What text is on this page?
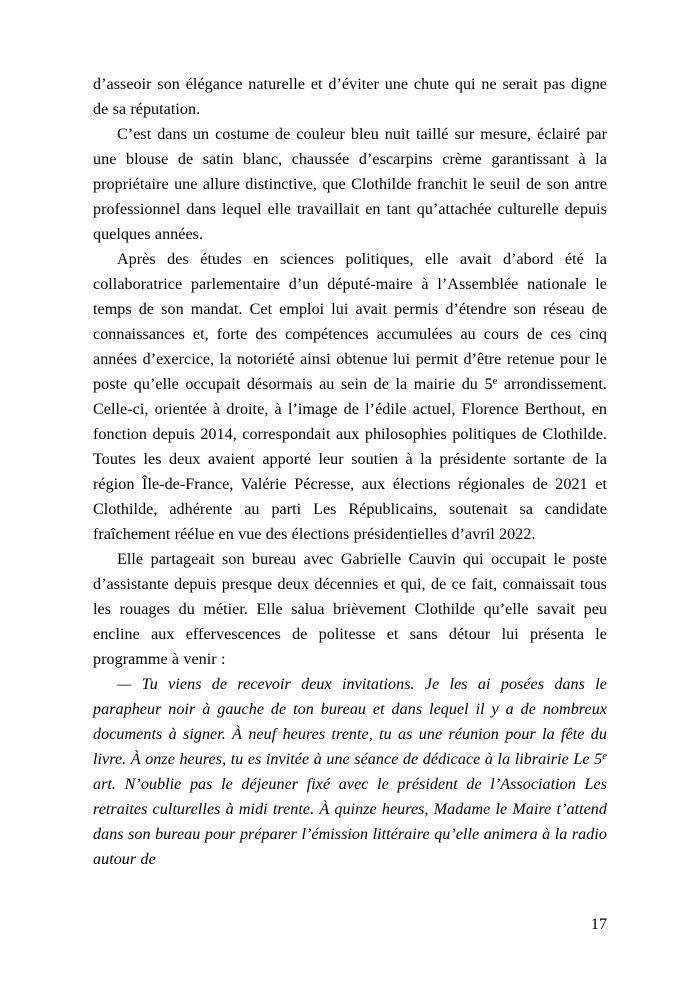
d’asseoir son élégance naturelle et d’éviter une chute qui ne serait pas digne de sa réputation.

C’est dans un costume de couleur bleu nuit taillé sur mesure, éclairé par une blouse de satin blanc, chaussée d’escarpins crème garantissant à la propriétaire une allure distinctive, que Clothilde franchit le seuil de son antre professionnel dans lequel elle travaillait en tant qu’attachée culturelle depuis quelques années.

Après des études en sciences politiques, elle avait d’abord été la collaboratrice parlementaire d’un député-maire à l’Assemblée nationale le temps de son mandat. Cet emploi lui avait permis d’étendre son réseau de connaissances et, forte des compétences accumulées au cours de ces cinq années d’exercice, la notoriété ainsi obtenue lui permit d’être retenue pour le poste qu’elle occupait désormais au sein de la mairie du 5e arrondissement. Celle-ci, orientée à droite, à l’image de l’édile actuel, Florence Berthout, en fonction depuis 2014, correspondait aux philosophies politiques de Clothilde. Toutes les deux avaient apporté leur soutien à la présidente sortante de la région Île-de-France, Valérie Pécresse, aux élections régionales de 2021 et Clothilde, adhérente au parti Les Républicains, soutenait sa candidate fraîchement réélue en vue des élections présidentielles d’avril 2022.

Elle partageait son bureau avec Gabrielle Cauvin qui occupait le poste d’assistante depuis presque deux décennies et qui, de ce fait, connaissait tous les rouages du métier. Elle salua brièvement Clothilde qu’elle savait peu encline aux effervescences de politesse et sans détour lui présenta le programme à venir :

— Tu viens de recevoir deux invitations. Je les ai posées dans le parapheur noir à gauche de ton bureau et dans lequel il y a de nombreux documents à signer. À neuf heures trente, tu as une réunion pour la fête du livre. À onze heures, tu es invitée à une séance de dédicace à la librairie Le 5e art. N’oublie pas le déjeuner fixé avec le président de l’Association Les retraites culturelles à midi trente. À quinze heures, Madame le Maire t’attend dans son bureau pour préparer l’émission littéraire qu’elle animera à la radio autour de

17
